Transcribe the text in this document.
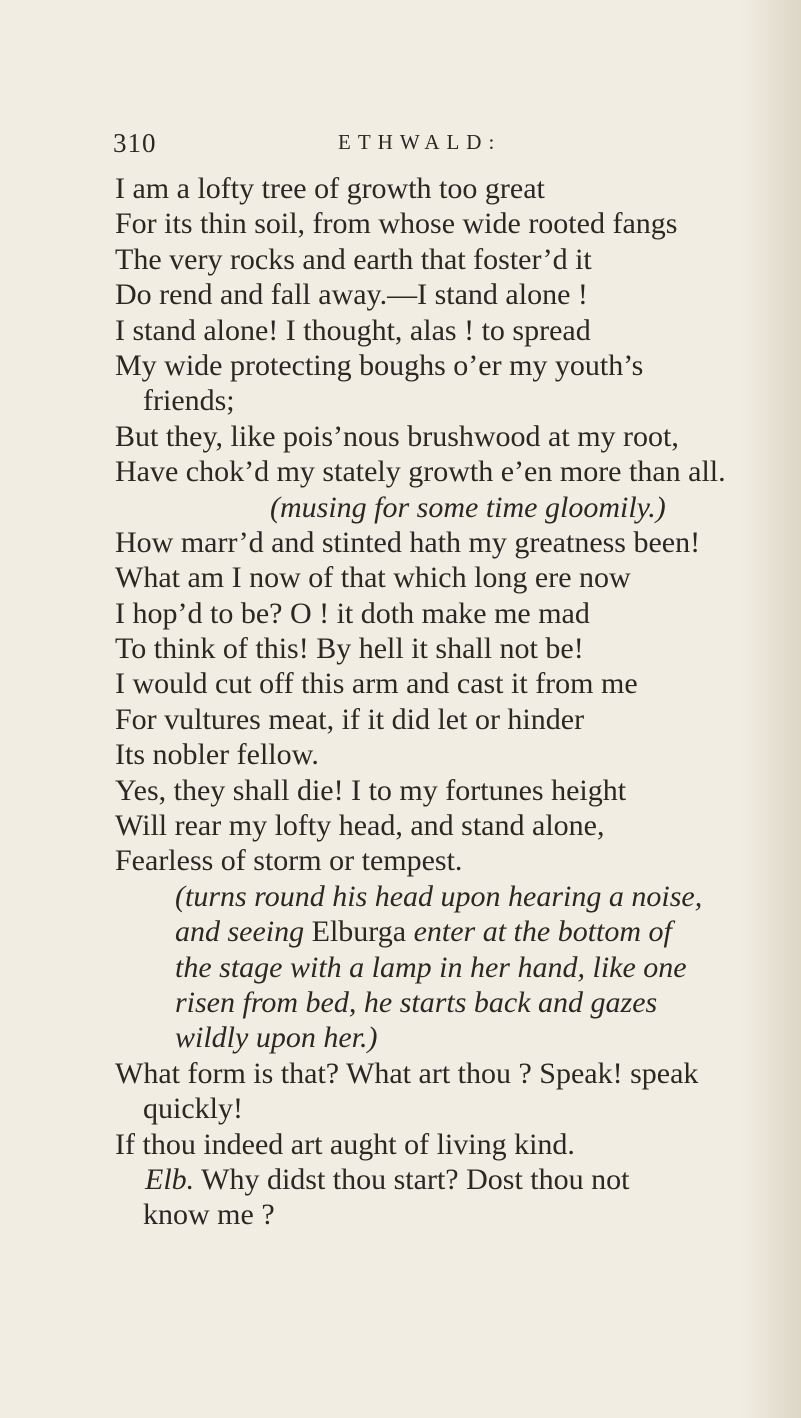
310	ETHWALD:
I am a lofty tree of growth too great
For its thin soil, from whose wide rooted fangs
The very rocks and earth that foster’d it
Do rend and fall away.—I stand alone !
I stand alone! I thought, alas ! to spread
My wide protecting boughs o’er my youth’s
friends;
But they, like pois’nous brushwood at my root,
Have chok’d my stately growth e’en more than all.
(musing for some time gloomily.)
How marr’d and stinted hath my greatness been!
What am I now of that which long ere now
I hop’d to be? O ! it doth make me mad
To think of this! By hell it shall not be!
I would cut off this arm and cast it from me
For vultures meat, if it did let or hinder
Its nobler fellow.
Yes, they shall die! I to my fortunes height
Will rear my lofty head, and stand alone,
Fearless of storm or tempest.
(turns round his head upon hearing a noise,
and seeing Elburga enter at the bottom of
the stage with a lamp in her hand, like one
risen from bed, he starts back and gazes
wildly upon her.)
What form is that? What art thou ? Speak! speak
quickly!
If thou indeed art aught of living kind.
Elb. Why didst thou start? Dost thou not
know me ?
